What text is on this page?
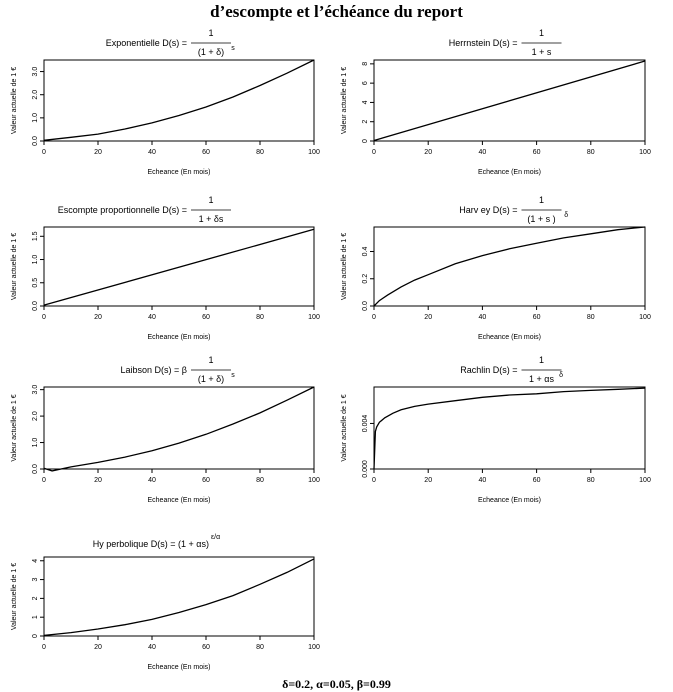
d’escompte et l’échéance du report
0	20	40	60	80	100
0.0
1.0
2.0
3.0
Echeance (En mois)
Valeur actuelle de 1 €
Exponentielle D(s) =
1
(1 + δ) s
0	20	40	60	80	100
0
2
4
6
8
Echeance (En mois)
Valeur actuelle de 1 €
Herrnstein D(s) =
1
1 + s
0	20	40	60	80	100
0.0
0.5
1.0
1.5
Echeance (En mois)
Valeur actuelle de 1 €
Escompte proportionnelle D(s) =
1
1 + δs
0	20	40	60	80	100
0.0
0.2
0.4
Echeance (En mois)
Valeur actuelle de 1 €
Harv ey D(s) =
1
(1 + s ) δ
0	20	40	60	80	100
0.0
1.0
2.0
3.0
Echeance (En mois)
Valeur actuelle de 1 €
Laibson D(s) = β
1
(1 + δ) s
0	20	40	60	80	100
0.000
0.004
Echeance (En mois)
Valeur actuelle de 1 €
Rachlin D(s) =
1
1 + αs δ
0	20	40	60	80	100
0
1
2
3
4
Echeance (En mois)
Valeur actuelle de 1 €
Hy perbolique D(s) = (1 + αs)
ε/α
δ=0.2, α=0.05, β=0.99
